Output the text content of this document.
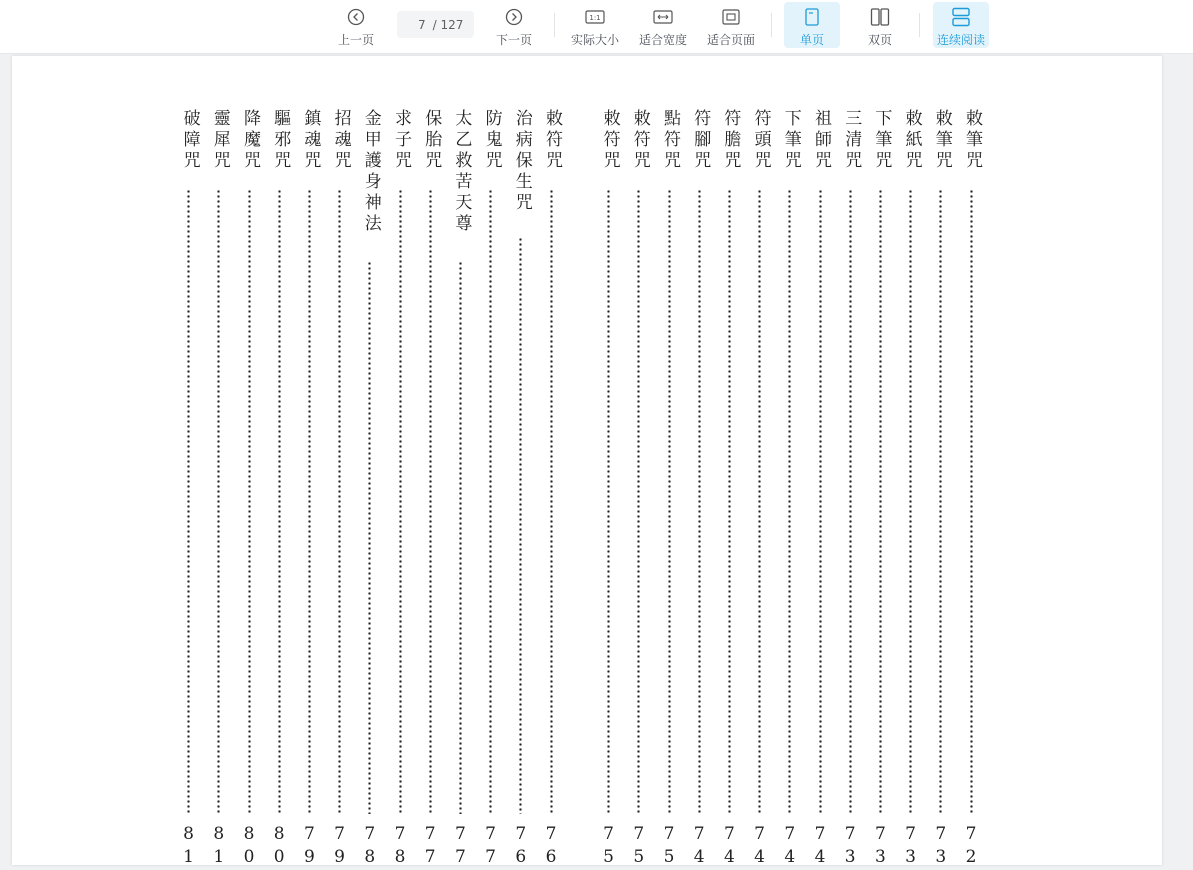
上一页
7
/ 127
下一页
1:1
实际大小 适合宽度 适合页面	单页	双页	连续阅读
敕筆咒
72
敕筆咒
73
敕紙咒
73
下筆咒
73
三清咒
73
祖師咒
74
下筆咒
74
符頭咒
74
符膽咒
74
符腳咒
74
點符咒
75
敕符咒
75
敕符咒
75
敕符咒
76
治病保生咒
76
防鬼咒
77
太乙救苦天尊
77
保胎咒
77
求子咒
78
金甲護身神法
78
招魂咒
79
鎮魂咒
79
驅邪咒
80
降魔咒
80
靈犀咒
81
破障咒
81
